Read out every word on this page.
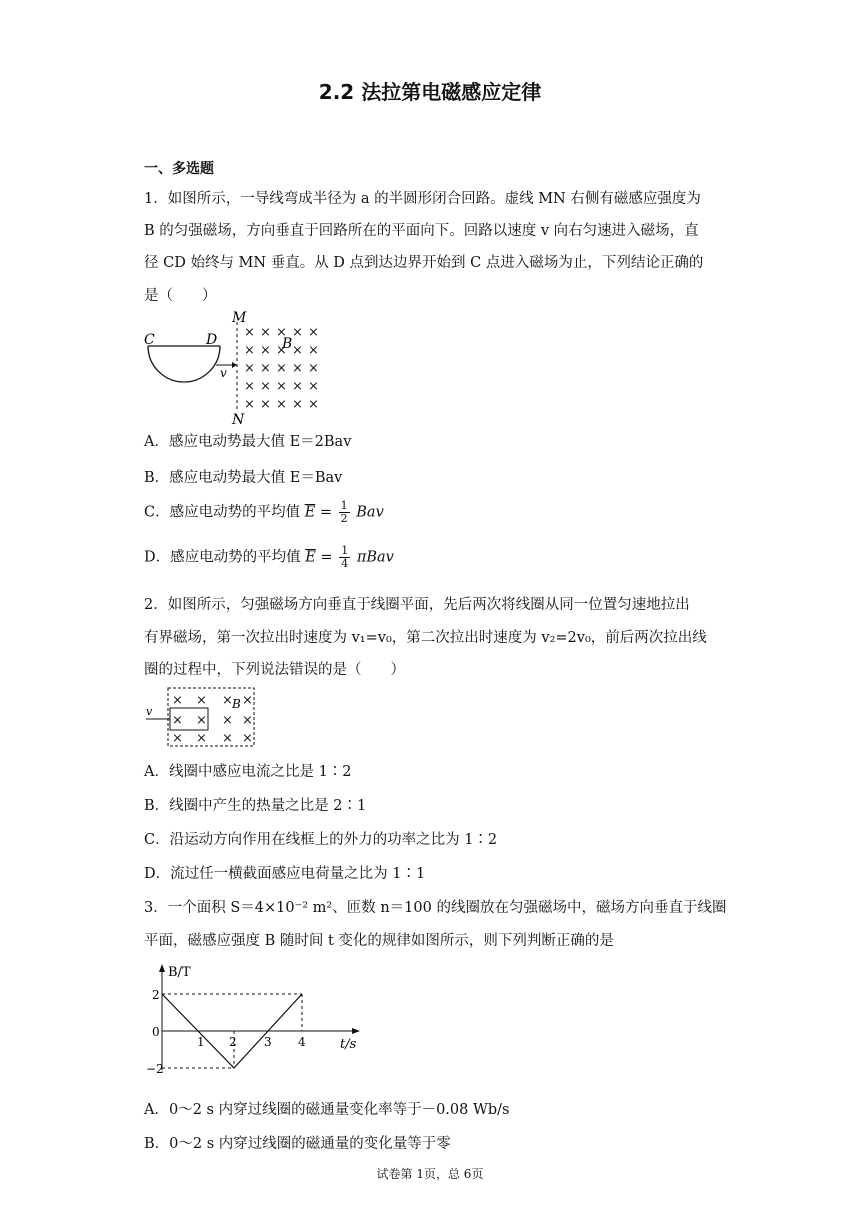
2.2 法拉第电磁感应定律
一、多选题
1．如图所示，一导线弯成半径为 a 的半圆形闭合回路。虚线 MN 右侧有磁感应强度为
B 的匀强磁场，方向垂直于回路所在的平面向下。回路以速度 v 向右匀速进入磁场，直
径 CD 始终与 MN 垂直。从 D 点到达边界开始到 C 点进入磁场为止，下列结论正确的
是（　　）
C	D
v
M
N
B
× × × × ×
× × × × ×
× × × × ×
× × × × ×
× × × × ×
A．感应电动势最大值 E＝2Bav
B．感应电动势最大值 E＝Bav
C．感应电动势的平均值 $\overline{E} = \frac{1}{2}$ Bav
D．感应电动势的平均值 $\overline{E} = \frac{1}{4}$ πBav
2．如图所示，匀强磁场方向垂直于线圈平面，先后两次将线圈从同一位置匀速地拉出
有界磁场，第一次拉出时速度为 v₁=v₀，第二次拉出时速度为 v₂=2v₀，前后两次拉出线
圈的过程中，下列说法错误的是（　　）
v
B
× × × ×
× × × ×
× × × ×
A．线圈中感应电流之比是 1∶2
B．线圈中产生的热量之比是 2∶1
C．沿运动方向作用在线框上的外力的功率之比为 1∶2
D．流过任一横截面感应电荷量之比为 1∶1
3．一个面积 S＝4×10⁻² m²、匝数 n＝100 的线圈放在匀强磁场中，磁场方向垂直于线圈
平面，磁感应强度 B 随时间 t 变化的规律如图所示，则下列判断正确的是
B/T
t/s
2
0
−2
1 2 3 4
A．0～2 s 内穿过线圈的磁通量变化率等于－0.08 Wb/s
B．0～2 s 内穿过线圈的磁通量的变化量等于零
试卷第 1页，总 6页
